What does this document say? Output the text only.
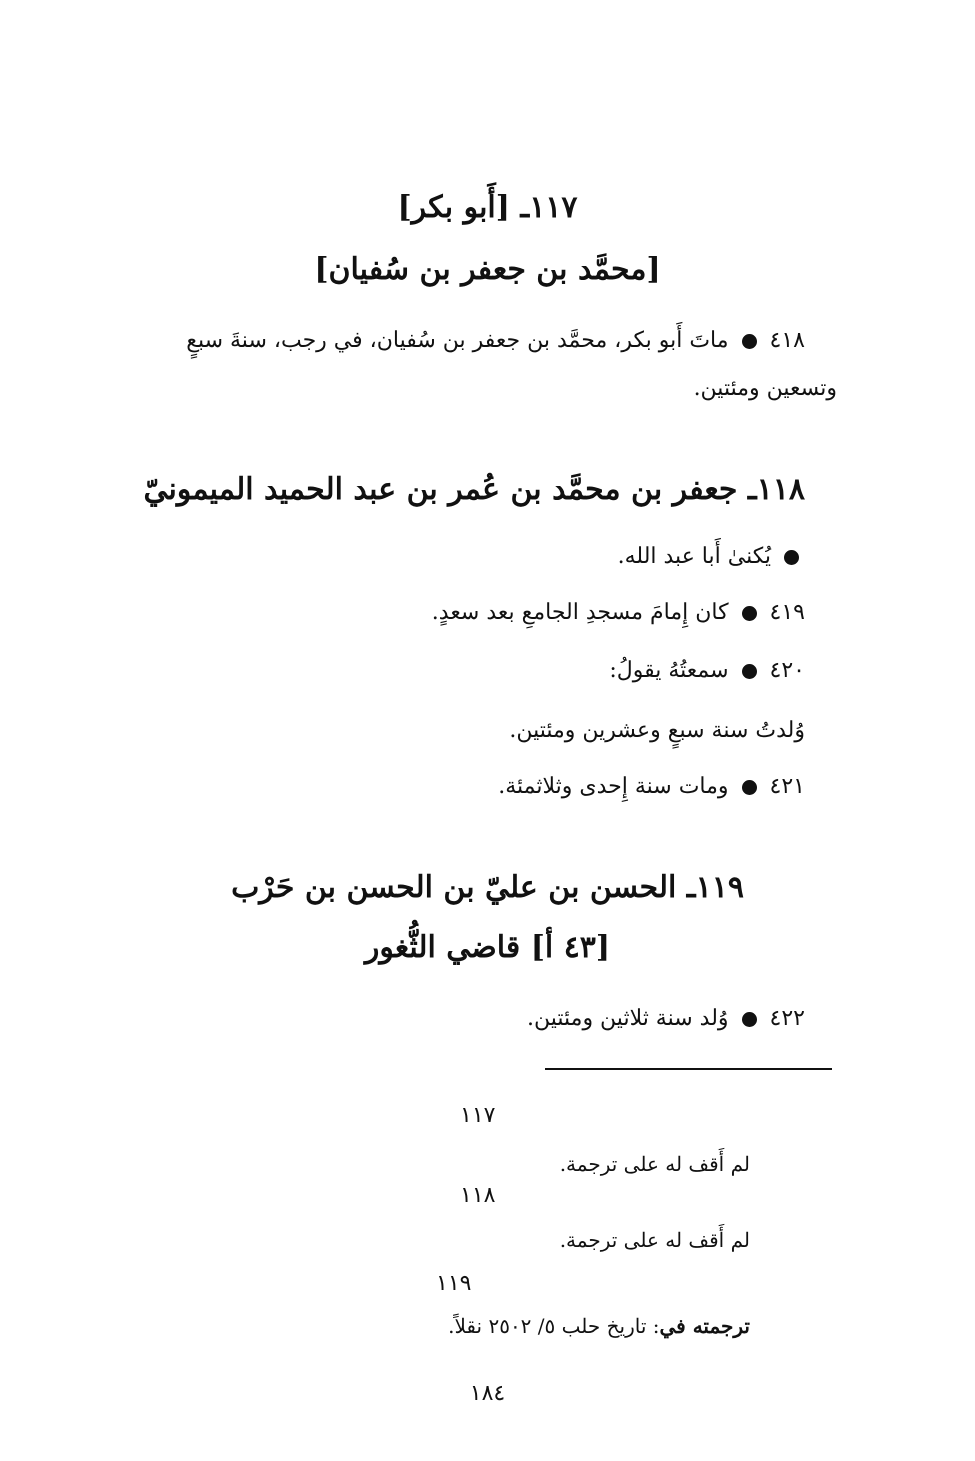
١١٧ـ [أَبو بكر]
[محمَّد بن جعفر بن سُفيان]
٤١٨  ماتَ أَبو بكر، محمَّد بن جعفر بن سُفيان، في رجب، سنةَ سبعٍ
وتسعين ومئتين.
١١٨ـ جعفر بن محمَّد بن عُمر بن عبد الحميد الميمونيّ
يُكنىٰ أَبا عبد الله.
٤١٩  كان إِمامَ مسجدِ الجامعِ بعد سعدٍ.
٤٢٠  سمعتُهُ يقولُ:
وُلدتُ سنة سبعٍ وعشرين ومئتين.
٤٢١  ومات سنة إِحدى وثلاثمئة.
١١٩ـ الحسن بن عليّ بن الحسن بن حَرْب
[٤٣ أ] قاضي الثُّغور
٤٢٢  وُلد سنة ثلاثين ومئتين.
١١٧
لم أَقف له على ترجمة.
١١٨
لم أَقف له على ترجمة.
١١٩
ترجمته في: تاريخ حلب ٥/ ٢٥٠٢ نقلاً.
١٨٤
